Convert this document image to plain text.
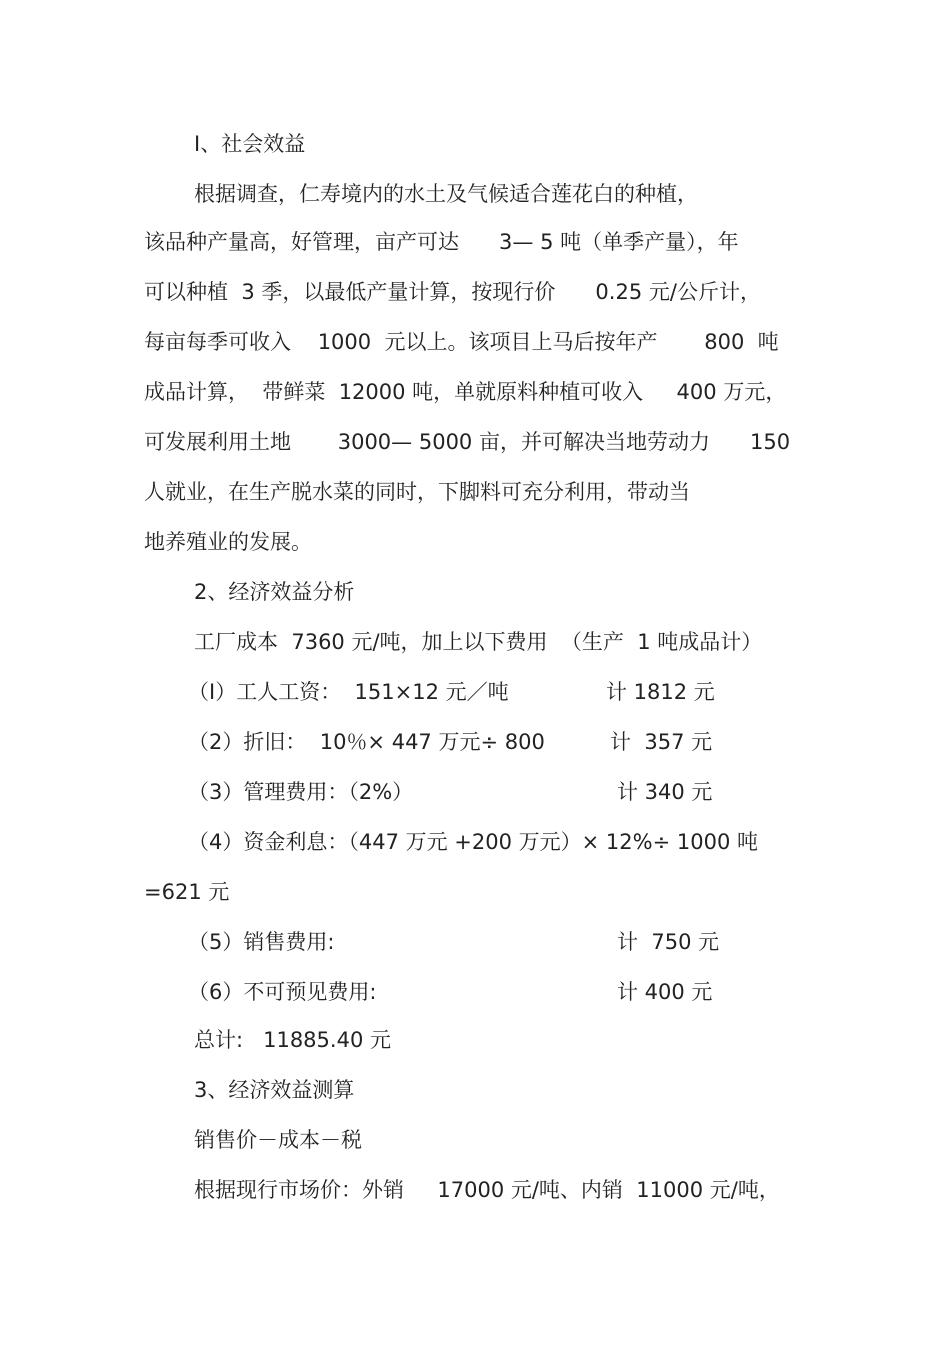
I、社会效益

根据调查，仁寿境内的水土及气候适合莲花白的种植，

该品种产量高，好管理，亩产可达      3— 5 吨（单季产量），年

可以种植  3 季，以最低产量计算，按现行价      0.25 元/公斤计，

每亩每季可收入    1000  元以上。该项目上马后按年产       800  吨

成品计算，  带鲜菜  12000 吨，单就原料种植可收入     400 万元，

可发展利用土地       3000— 5000 亩，并可解决当地劳动力      150

人就业，在生产脱水菜的同时，下脚料可充分利用，带动当

地养殖业的发展。

2、经济效益分析

工厂成本  7360 元/吨，加上以下费用  （生产  1 吨成品计）

（I）工人工资：  151×12 元／吨	计 1812 元

（2）折旧：  10％× 447 万元÷ 800	计  357 元

（3）管理费用：（2%）	计 340 元

（4）资金利息：（447 万元 +200 万元）× 12%÷ 1000 吨

=621 元

（5）销售费用:	计  750 元

（6）不可预见费用:	计 400 元

总计:   11885.40 元

3、经济效益测算

销售价－成本－税

根据现行市场价：外销     17000 元/吨、内销  11000 元/吨，
